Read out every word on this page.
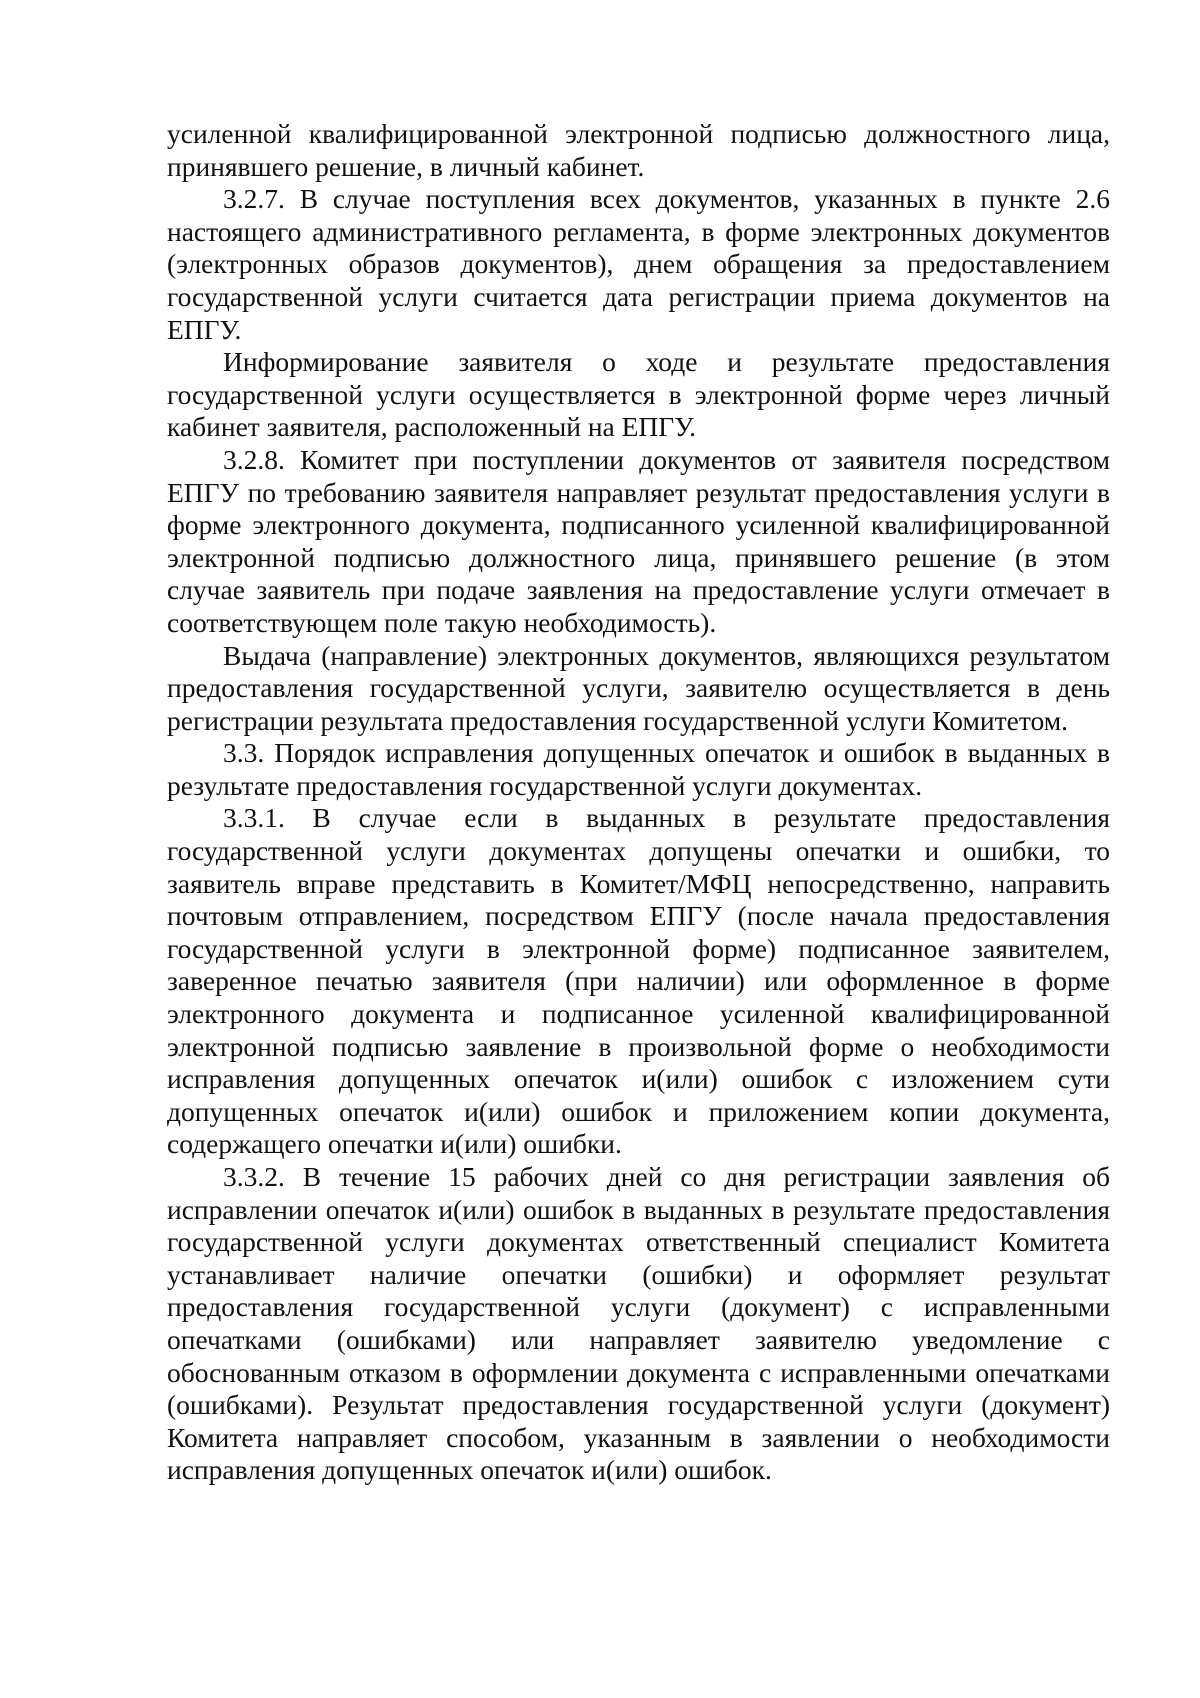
усиленной квалифицированной электронной подписью должностного лица, принявшего решение, в личный кабинет.

3.2.7. В случае поступления всех документов, указанных в пункте 2.6 настоящего административного регламента, в форме электронных документов (электронных образов документов), днем обращения за предоставлением государственной услуги считается дата регистрации приема документов на ЕПГУ.

Информирование заявителя о ходе и результате предоставления государственной услуги осуществляется в электронной форме через личный кабинет заявителя, расположенный на ЕПГУ.

3.2.8. Комитет при поступлении документов от заявителя посредством ЕПГУ по требованию заявителя направляет результат предоставления услуги в форме электронного документа, подписанного усиленной квалифицированной электронной подписью должностного лица, принявшего решение (в этом случае заявитель при подаче заявления на предоставление услуги отмечает в соответствующем поле такую необходимость).

Выдача (направление) электронных документов, являющихся результатом предоставления государственной услуги, заявителю осуществляется в день регистрации результата предоставления государственной услуги Комитетом.

3.3. Порядок исправления допущенных опечаток и ошибок в выданных в результате предоставления государственной услуги документах.

3.3.1. В случае если в выданных в результате предоставления государственной услуги документах допущены опечатки и ошибки, то заявитель вправе представить в Комитет/МФЦ непосредственно, направить почтовым отправлением, посредством ЕПГУ (после начала предоставления государственной услуги в электронной форме) подписанное заявителем, заверенное печатью заявителя (при наличии) или оформленное в форме электронного документа и подписанное усиленной квалифицированной электронной подписью заявление в произвольной форме о необходимости исправления допущенных опечаток и(или) ошибок с изложением сути допущенных опечаток и(или) ошибок и приложением копии документа, содержащего опечатки и(или) ошибки.

3.3.2. В течение 15 рабочих дней со дня регистрации заявления об исправлении опечаток и(или) ошибок в выданных в результате предоставления государственной услуги документах ответственный специалист Комитета устанавливает наличие опечатки (ошибки) и оформляет результат предоставления государственной услуги (документ) с исправленными опечатками (ошибками) или направляет заявителю уведомление с обоснованным отказом в оформлении документа с исправленными опечатками (ошибками). Результат предоставления государственной услуги (документ) Комитета направляет способом, указанным в заявлении о необходимости исправления допущенных опечаток и(или) ошибок.
